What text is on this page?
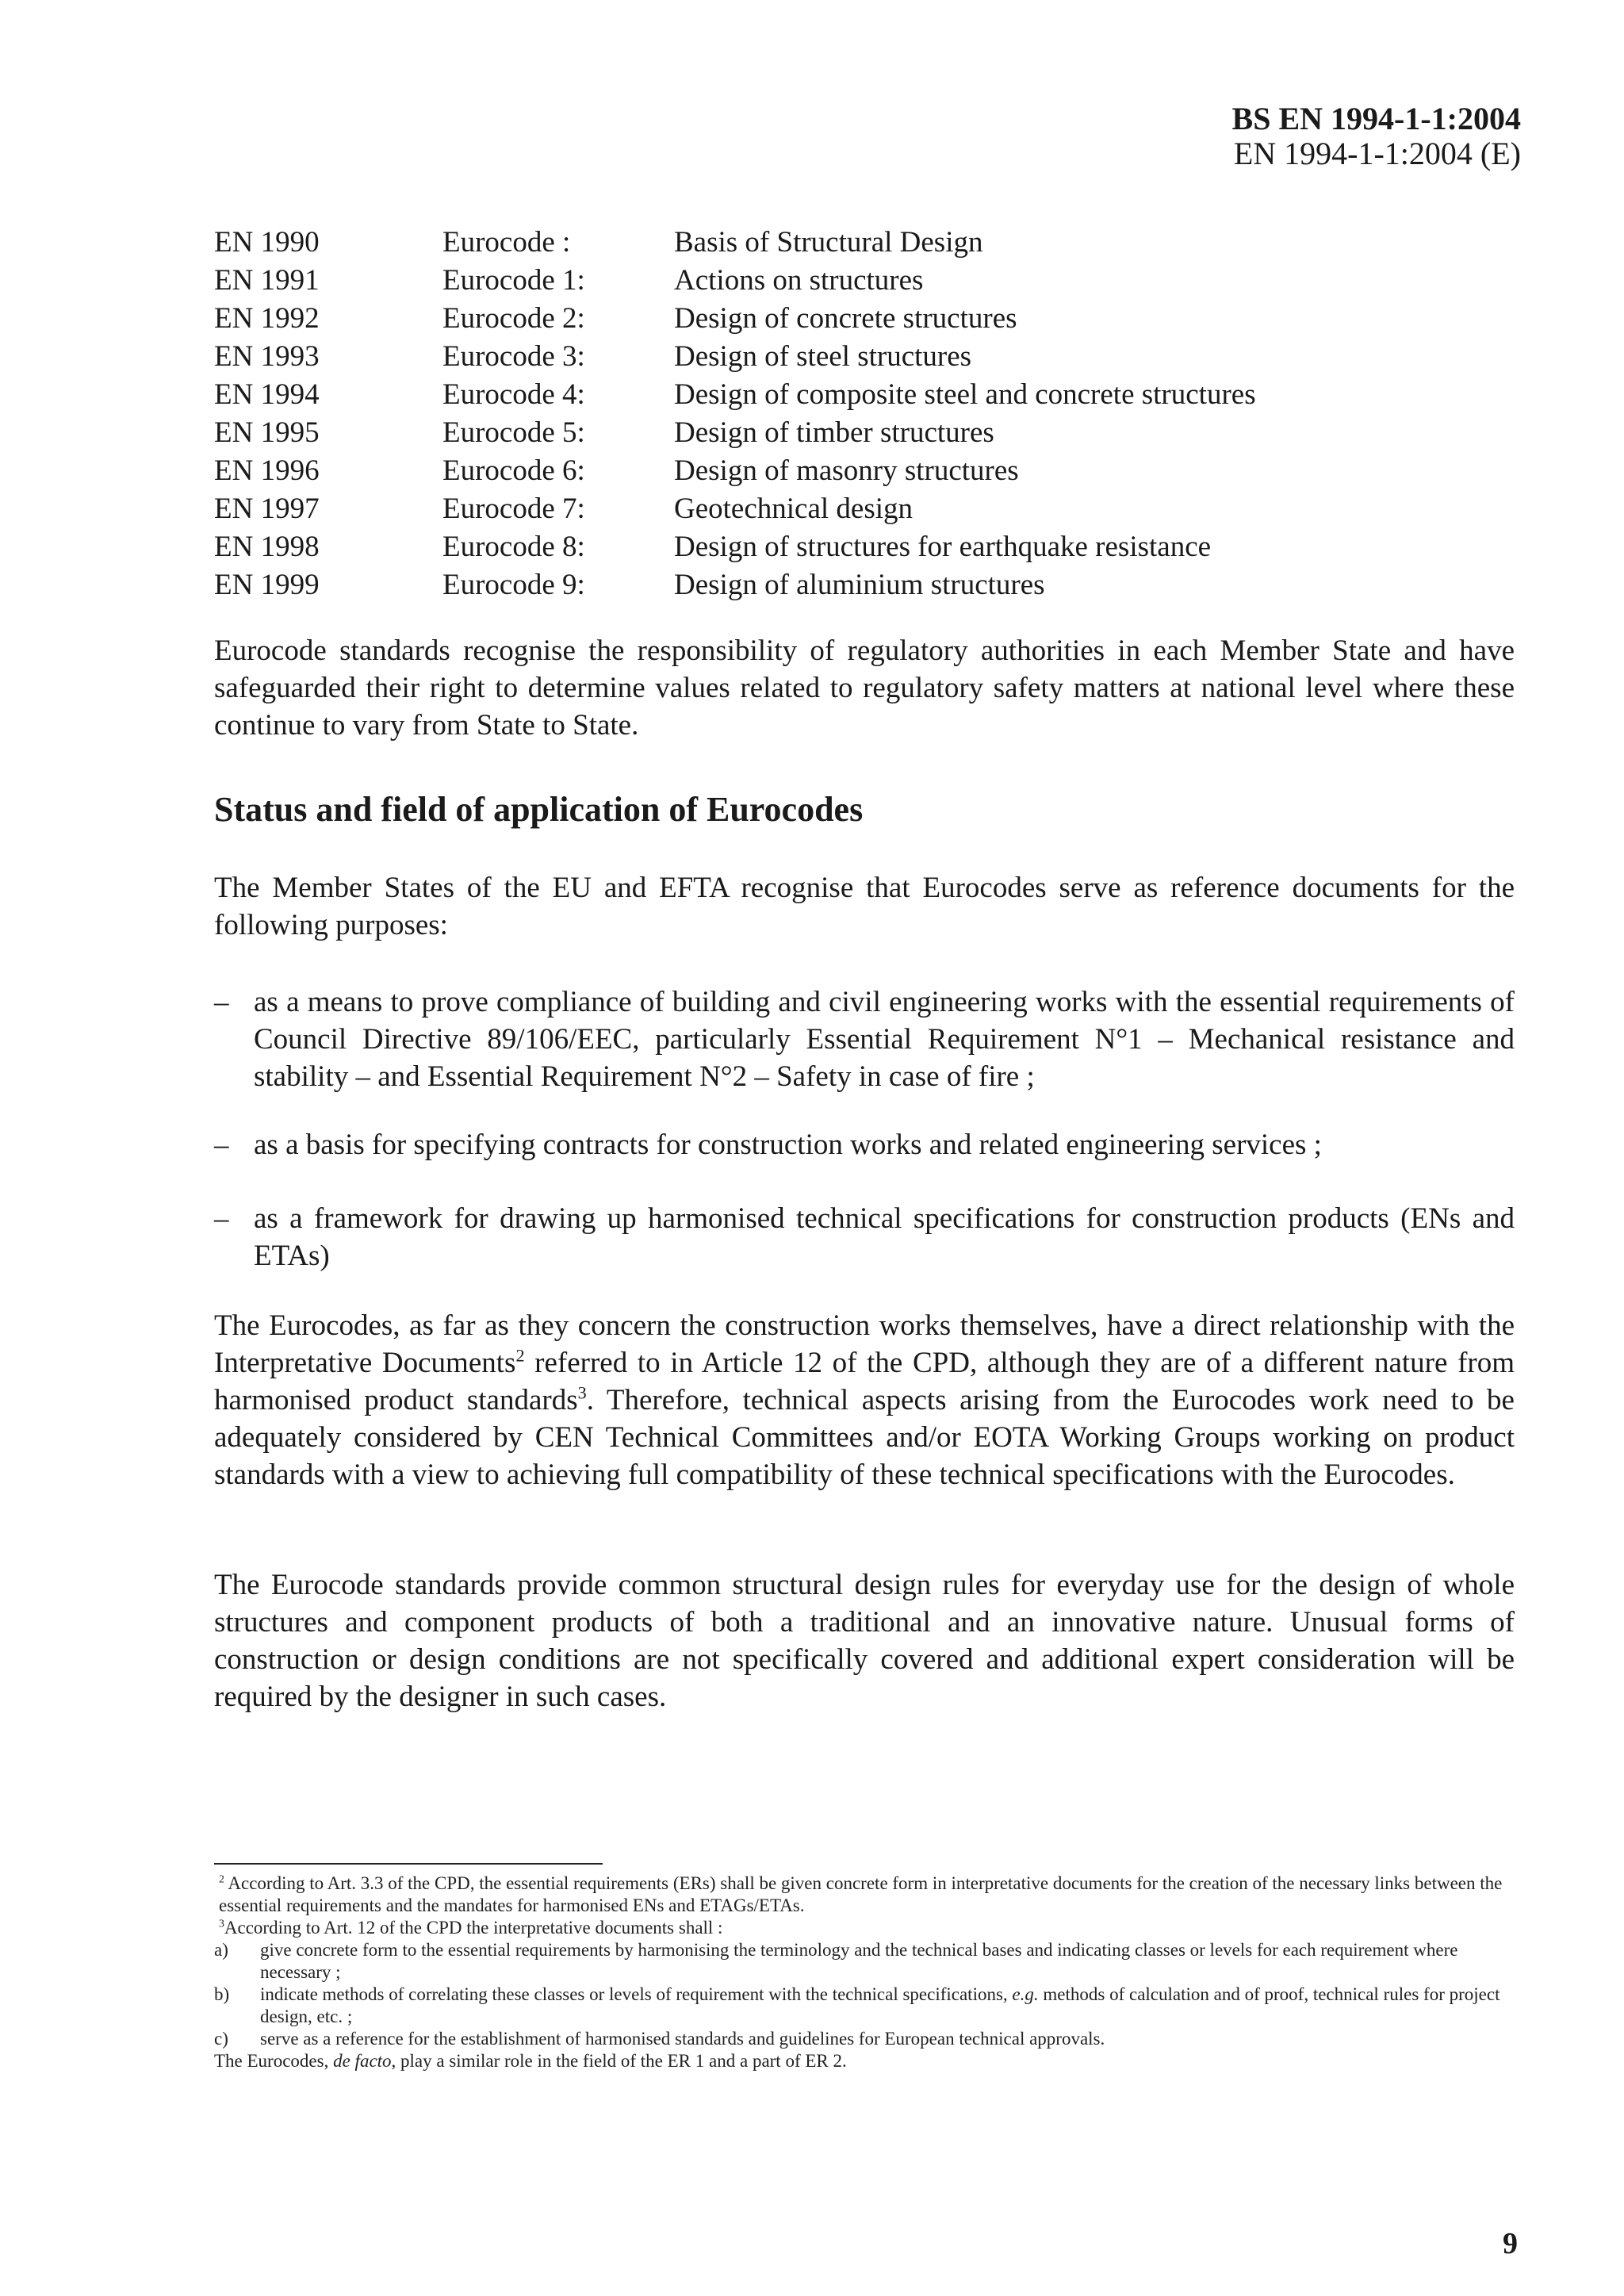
BS EN 1994-1-1:2004
EN 1994-1-1:2004 (E)
EN 1990	Eurocode :	Basis of Structural Design
EN 1991	Eurocode 1:	Actions on structures
EN 1992	Eurocode 2:	Design of concrete structures
EN 1993	Eurocode 3:	Design of steel structures
EN 1994	Eurocode 4:	Design of composite steel and concrete structures
EN 1995	Eurocode 5:	Design of timber structures
EN 1996	Eurocode 6:	Design of masonry structures
EN 1997	Eurocode 7:	Geotechnical design
EN 1998	Eurocode 8:	Design of structures for earthquake resistance
EN 1999	Eurocode 9:	Design of aluminium structures

Eurocode standards recognise the responsibility of regulatory authorities in each Member State and have safeguarded their right to determine values related to regulatory safety matters at national level where these continue to vary from State to State.

Status and field of application of Eurocodes

The Member States of the EU and EFTA recognise that Eurocodes serve as reference documents for the following purposes:

– as a means to prove compliance of building and civil engineering works with the essential requirements of Council Directive 89/106/EEC, particularly Essential Requirement N°1 – Mechanical resistance and stability – and Essential Requirement N°2 – Safety in case of fire ;
– as a basis for specifying contracts for construction works and related engineering services ;
– as a framework for drawing up harmonised technical specifications for construction products (ENs and ETAs)

The Eurocodes, as far as they concern the construction works themselves, have a direct relationship with the Interpretative Documents$^2$ referred to in Article 12 of the CPD, although they are of a different nature from harmonised product standards$^3$. Therefore, technical aspects arising from the Eurocodes work need to be adequately considered by CEN Technical Committees and/or EOTA Working Groups working on product standards with a view to achieving full compatibility of these technical specifications with the Eurocodes.

The Eurocode standards provide common structural design rules for everyday use for the design of whole structures and component products of both a traditional and an innovative nature. Unusual forms of construction or design conditions are not specifically covered and additional expert consideration will be required by the designer in such cases.

$^2$ According to Art. 3.3 of the CPD, the essential requirements (ERs) shall be given concrete form in interpretative documents for the creation of the necessary links between the essential requirements and the mandates for harmonised ENs and ETAGs/ETAs.
$^3$According to Art. 12 of the CPD the interpretative documents shall :
a) give concrete form to the essential requirements by harmonising the terminology and the technical bases and indicating classes or levels for each requirement where necessary ;
b) indicate methods of correlating these classes or levels of requirement with the technical specifications, e.g. methods of calculation and of proof, technical rules for project design, etc. ;
c) serve as a reference for the establishment of harmonised standards and guidelines for European technical approvals.
The Eurocodes, de facto, play a similar role in the field of the ER 1 and a part of ER 2.
9
